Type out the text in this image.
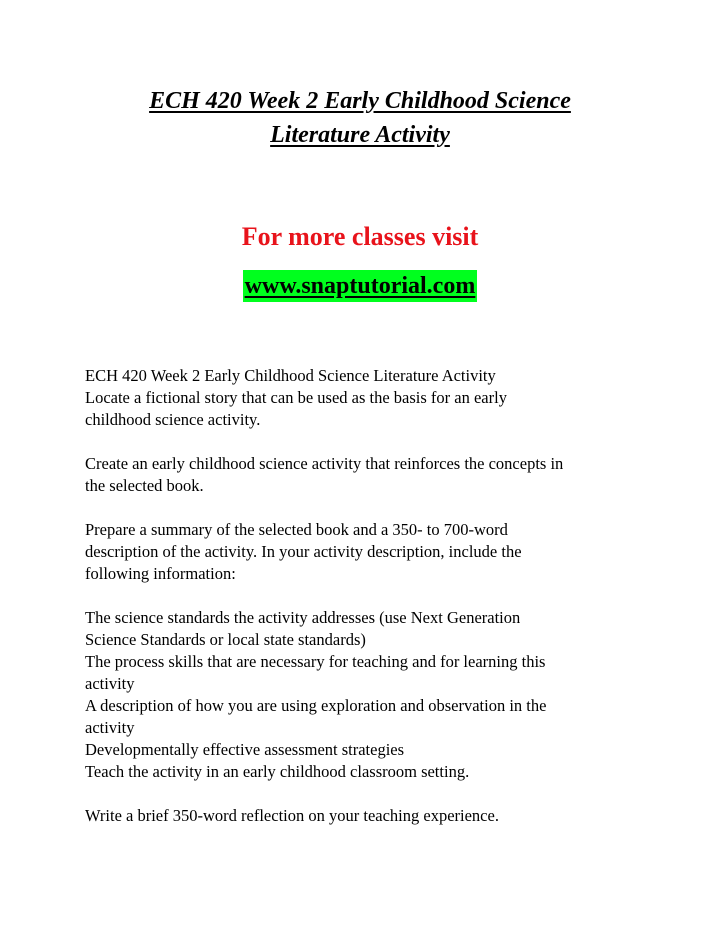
ECH 420 Week 2 Early Childhood Science
Literature Activity
For more classes visit
www.snaptutorial.com
ECH 420 Week 2 Early Childhood Science Literature Activity
Locate a fictional story that can be used as the basis for an early
childhood science activity.
Create an early childhood science activity that reinforces the concepts in
the selected book.
Prepare a summary of the selected book and a 350- to 700-word
description of the activity. In your activity description, include the
following information:
The science standards the activity addresses (use Next Generation
Science Standards or local state standards)
The process skills that are necessary for teaching and for learning this
activity
A description of how you are using exploration and observation in the
activity
Developmentally effective assessment strategies
Teach the activity in an early childhood classroom setting.
Write a brief 350-word reflection on your teaching experience.
